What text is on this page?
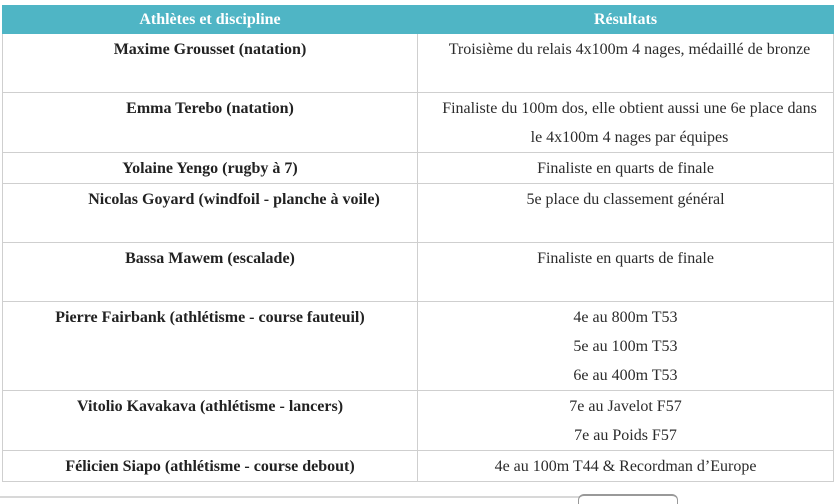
Athlètes et discipline	Résultats
Maxime Grousset (natation)	Troisième du relais 4x100m 4 nages, médaillé de bronze
Emma Terebo (natation)	Finaliste du 100m dos, elle obtient aussi une 6e place dans le 4x100m 4 nages par équipes
Yolaine Yengo (rugby à 7)	Finaliste en quarts de finale
Nicolas Goyard (windfoil - planche à voile)	5e place du classement général
Bassa Mawem (escalade)	Finaliste en quarts de finale
Pierre Fairbank (athlétisme - course fauteuil)	4e au 800m T53
5e au 100m T53
6e au 400m T53

Vitolio Kavakava (athlétisme - lancers)	7e au Javelot F57
7e au Poids F57

Félicien Siapo (athlétisme - course debout)	4e au 100m T44 & Recordman d’Europe
